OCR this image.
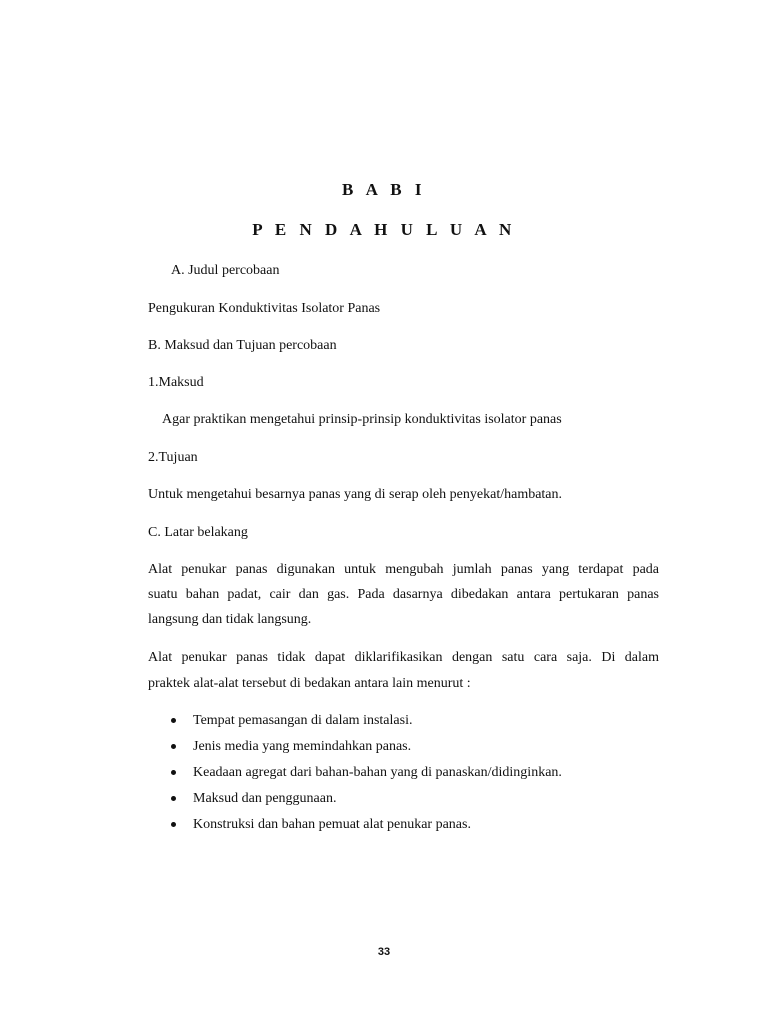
B A B I
P E N D A H U L U A N
A. Judul percobaan
Pengukuran Konduktivitas Isolator Panas
B. Maksud dan Tujuan percobaan
1.Maksud
Agar praktikan mengetahui prinsip-prinsip konduktivitas isolator panas
2.Tujuan
Untuk mengetahui besarnya panas yang di serap oleh penyekat/hambatan.
C. Latar belakang
Alat penukar panas digunakan untuk mengubah jumlah panas yang terdapat pada
suatu bahan padat, cair dan gas. Pada dasarnya dibedakan antara pertukaran panas
langsung dan tidak langsung.
Alat penukar panas tidak dapat diklarifikasikan dengan satu cara saja. Di dalam
praktek alat-alat tersebut di bedakan antara lain menurut :
Tempat pemasangan di dalam instalasi.
Jenis media yang memindahkan panas.
Keadaan agregat dari bahan-bahan yang di panaskan/didinginkan.
Maksud dan penggunaan.
Konstruksi dan bahan pemuat alat penukar panas.
33
